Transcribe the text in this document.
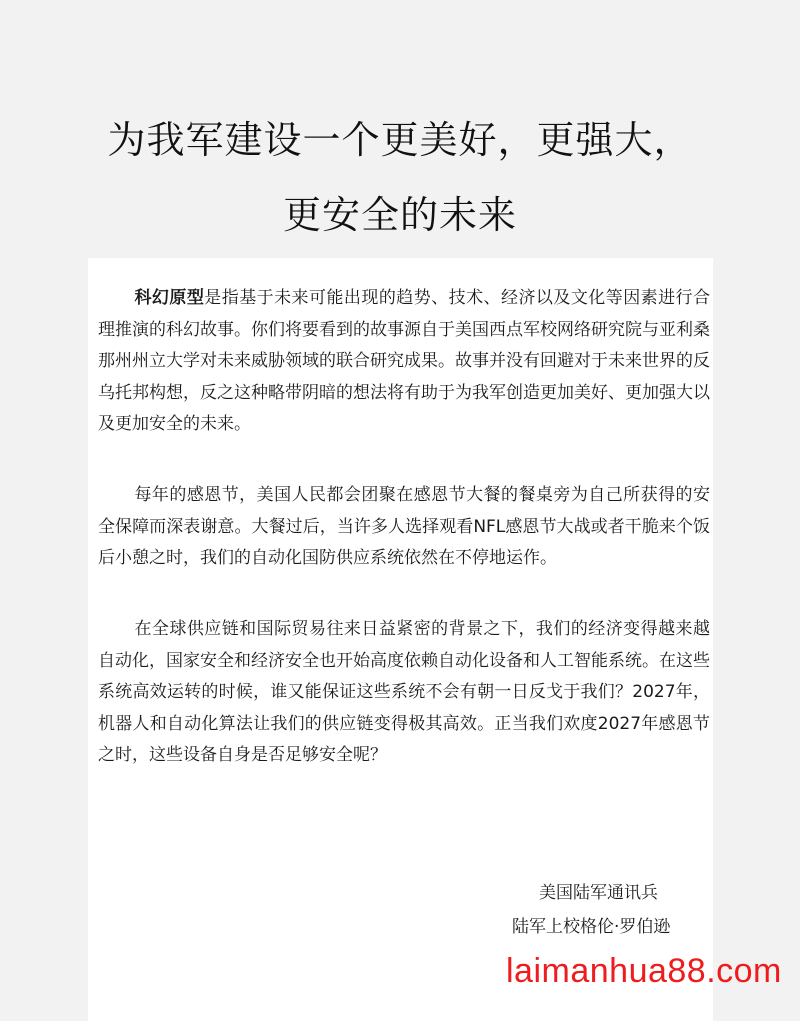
为我军建设一个更美好，更强大，
更安全的未来

科幻原型是指基于未来可能出现的趋势、技术、经济以及文化等因素进行合理推演的科幻故事。你们将要看到的故事源自于美国西点军校网络研究院与亚利桑那州州立大学对未来威胁领域的联合研究成果。故事并没有回避对于未来世界的反乌托邦构想，反之这种略带阴暗的想法将有助于为我军创造更加美好、更加强大以及更加安全的未来。

每年的感恩节，美国人民都会团聚在感恩节大餐的餐桌旁为自己所获得的安全保障而深表谢意。大餐过后，当许多人选择观看NFL感恩节大战或者干脆来个饭后小憩之时，我们的自动化国防供应系统依然在不停地运作。

在全球供应链和国际贸易往来日益紧密的背景之下，我们的经济变得越来越自动化，国家安全和经济安全也开始高度依赖自动化设备和人工智能系统。在这些系统高效运转的时候，谁又能保证这些系统不会有朝一日反戈于我们？2027年，机器人和自动化算法让我们的供应链变得极其高效。正当我们欢度2027年感恩节之时，这些设备自身是否足够安全呢？

美国陆军通讯兵
陆军上校格伦·罗伯逊
laimanhua88.com
